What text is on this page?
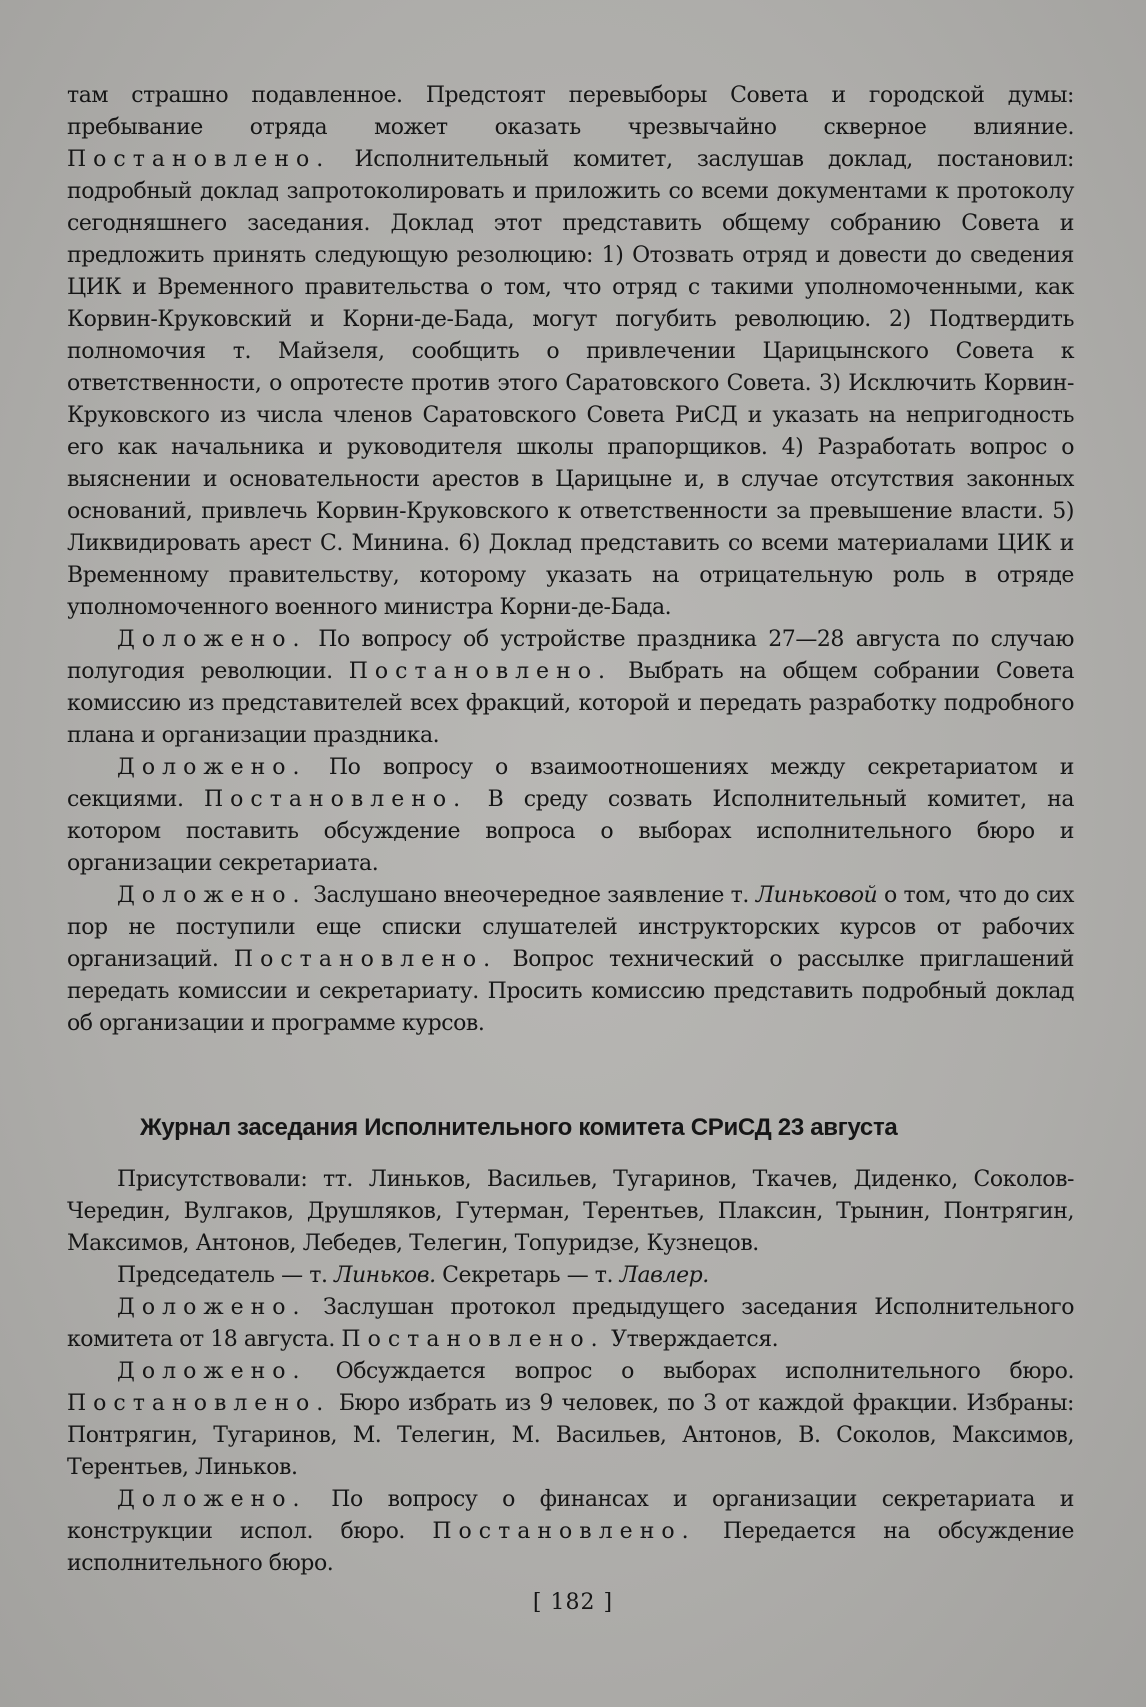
там страшно подавленное. Предстоят перевыборы Совета и городской думы: пребывание отряда может оказать чрезвычайно скверное влияние. Постановлено. Исполнительный комитет, заслушав доклад, постановил: подробный доклад запротоколировать и приложить со всеми документами к протоколу сегодняшнего заседания. Доклад этот представить общему собранию Совета и предложить принять следующую резолюцию: 1) Отозвать отряд и довести до сведения ЦИК и Временного правительства о том, что отряд с такими уполномоченными, как Корвин-Круковский и Корни-де-Бада, могут погубить революцию. 2) Подтвердить полномочия т. Майзеля, сообщить о привлечении Царицынского Совета к ответственности, о опротесте против этого Саратовского Совета. 3) Исключить Корвин-Круковского из числа членов Саратовского Совета РиСД и указать на непригодность его как начальника и руководителя школы прапорщиков. 4) Разработать вопрос о выяснении и основательности арестов в Царицыне и, в случае отсутствия законных оснований, привлечь Корвин-Круковского к ответственности за превышение власти. 5) Ликвидировать арест С. Минина. 6) Доклад представить со всеми материалами ЦИК и Временному правительству, которому указать на отрицательную роль в отряде уполномоченного военного министра Корни-де-Бада.

Доложено. По вопросу об устройстве праздника 27—28 августа по случаю полугодия революции. Постановлено. Выбрать на общем собрании Совета комиссию из представителей всех фракций, которой и передать разработку подробного плана и организации праздника.

Доложено. По вопросу о взаимоотношениях между секретариатом и секциями. Постановлено. В среду созвать Исполнительный комитет, на котором поставить обсуждение вопроса о выборах исполнительного бюро и организации секретариата.

Доложено. Заслушано внеочередное заявление т. Линьковой о том, что до сих пор не поступили еще списки слушателей инструкторских курсов от рабочих организаций. Постановлено. Вопрос технический о рассылке приглашений передать комиссии и секретариату. Просить комиссию представить подробный доклад об организации и программе курсов.

Журнал заседания Исполнительного комитета СРиСД 23 августа

Присутствовали: тт. Линьков, Васильев, Тугаринов, Ткачев, Диденко, Соколов-Чередин, Вулгаков, Друшляков, Гутерман, Терентьев, Плаксин, Трынин, Понтрягин, Максимов, Антонов, Лебедев, Телегин, Топуридзе, Кузнецов.

Председатель — т. Линьков. Секретарь — т. Лавлер.

Доложено. Заслушан протокол предыдущего заседания Исполнительного комитета от 18 августа. Постановлено. Утверждается.

Доложено. Обсуждается вопрос о выборах исполнительного бюро. Постановлено. Бюро избрать из 9 человек, по 3 от каждой фракции. Избраны: Понтрягин, Тугаринов, М. Телегин, М. Васильев, Антонов, В. Соколов, Максимов, Терентьев, Линьков.

Доложено. По вопросу о финансах и организации секретариата и конструкции испол. бюро. Постановлено. Передается на обсуждение исполнительного бюро.

[ 182 ]
